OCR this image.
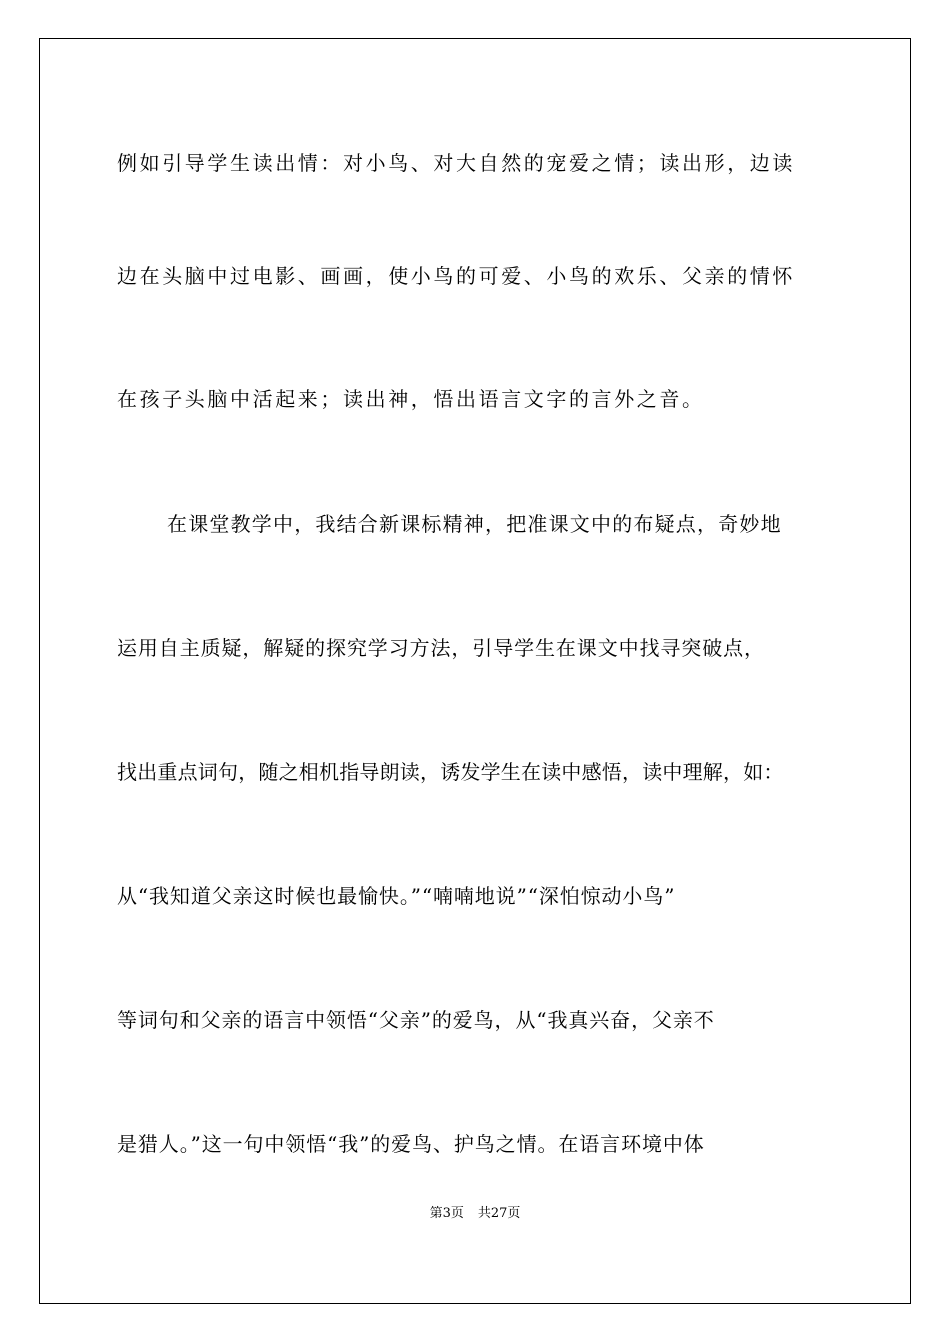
例如引导学生读出情：对小鸟、对大自然的宠爱之情；读出形，边读
边在头脑中过电影、画画，使小鸟的可爱、小鸟的欢乐、父亲的情怀
在孩子头脑中活起来；读出神，悟出语言文字的言外之音。
在课堂教学中，我结合新课标精神，把准课文中的布疑点，奇妙地
运用自主质疑，解疑的探究学习方法，引导学生在课文中找寻突破点，
找出重点词句，随之相机指导朗读，诱发学生在读中感悟，读中理解，如：
从“我知道父亲这时候也最愉快。”“喃喃地说”“深怕惊动小鸟”
等词句和父亲的语言中领悟“父亲”的爱鸟，从“我真兴奋，父亲不
是猎人。”这一句中领悟“我”的爱鸟、护鸟之情。在语言环境中体
第3页 共27页
